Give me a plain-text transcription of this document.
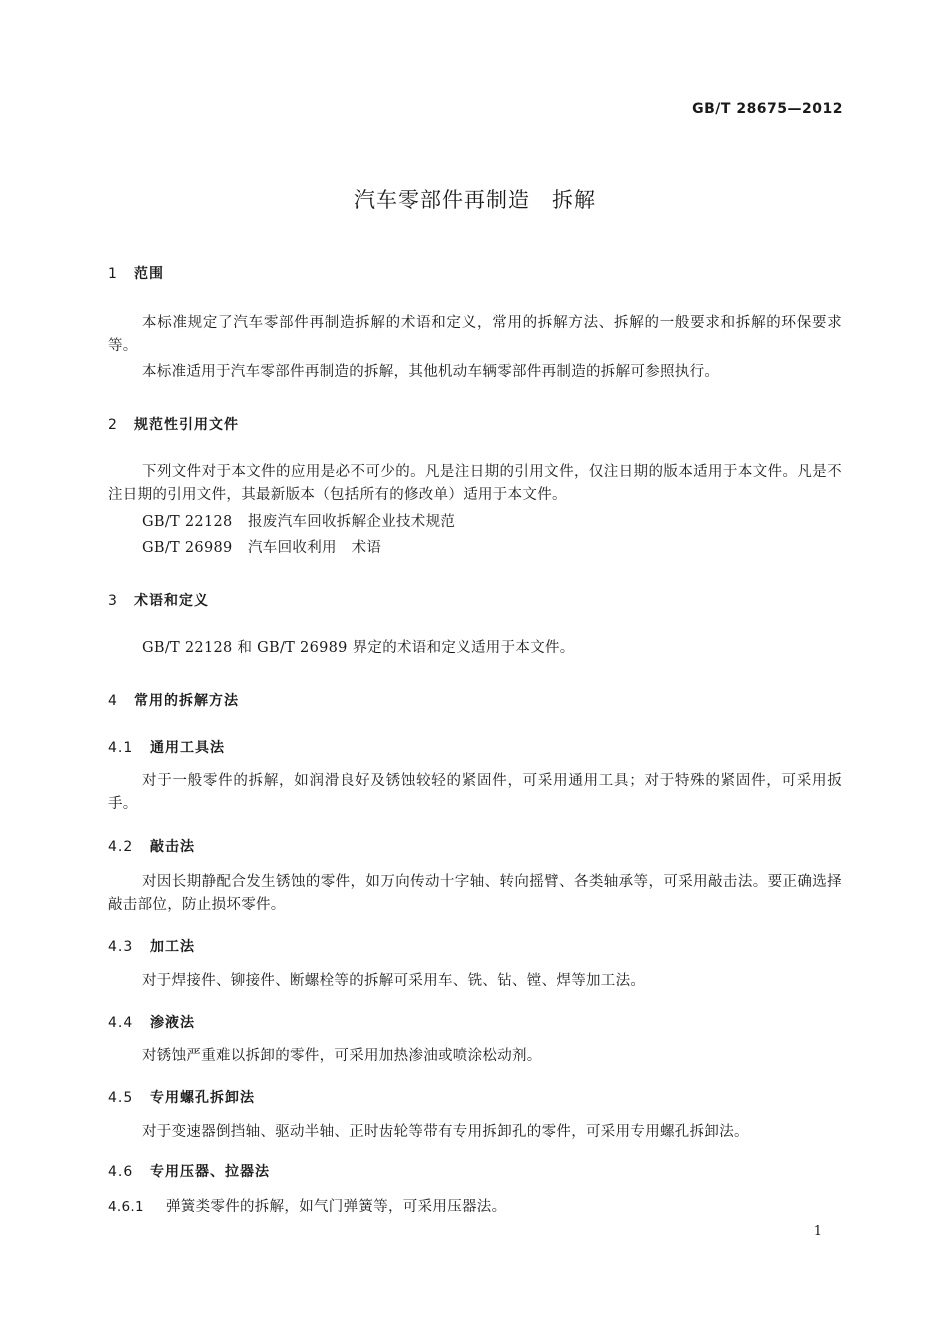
GB/T 28675—2012
汽车零部件再制造　拆解
1 范围
本标准规定了汽车零部件再制造拆解的术语和定义，常用的拆解方法、拆解的一般要求和拆解的环保要求等。
本标准适用于汽车零部件再制造的拆解，其他机动车辆零部件再制造的拆解可参照执行。
2 规范性引用文件
下列文件对于本文件的应用是必不可少的。凡是注日期的引用文件，仅注日期的版本适用于本文件。凡是不注日期的引用文件，其最新版本（包括所有的修改单）适用于本文件。
GB/T 22128 报废汽车回收拆解企业技术规范
GB/T 26989 汽车回收利用　术语
3 术语和定义
GB/T 22128 和 GB/T 26989 界定的术语和定义适用于本文件。
4 常用的拆解方法
4.1 通用工具法
对于一般零件的拆解，如润滑良好及锈蚀较轻的紧固件，可采用通用工具；对于特殊的紧固件，可采用扳手。
4.2 敲击法
对因长期静配合发生锈蚀的零件，如万向传动十字轴、转向摇臂、各类轴承等，可采用敲击法。要正确选择敲击部位，防止损坏零件。
4.3 加工法
对于焊接件、铆接件、断螺栓等的拆解可采用车、铣、钻、镗、焊等加工法。
4.4 渗液法
对锈蚀严重难以拆卸的零件，可采用加热渗油或喷涂松动剂。
4.5 专用螺孔拆卸法
对于变速器倒挡轴、驱动半轴、正时齿轮等带有专用拆卸孔的零件，可采用专用螺孔拆卸法。
4.6 专用压器、拉器法
4.6.1 弹簧类零件的拆解，如气门弹簧等，可采用压器法。
1
